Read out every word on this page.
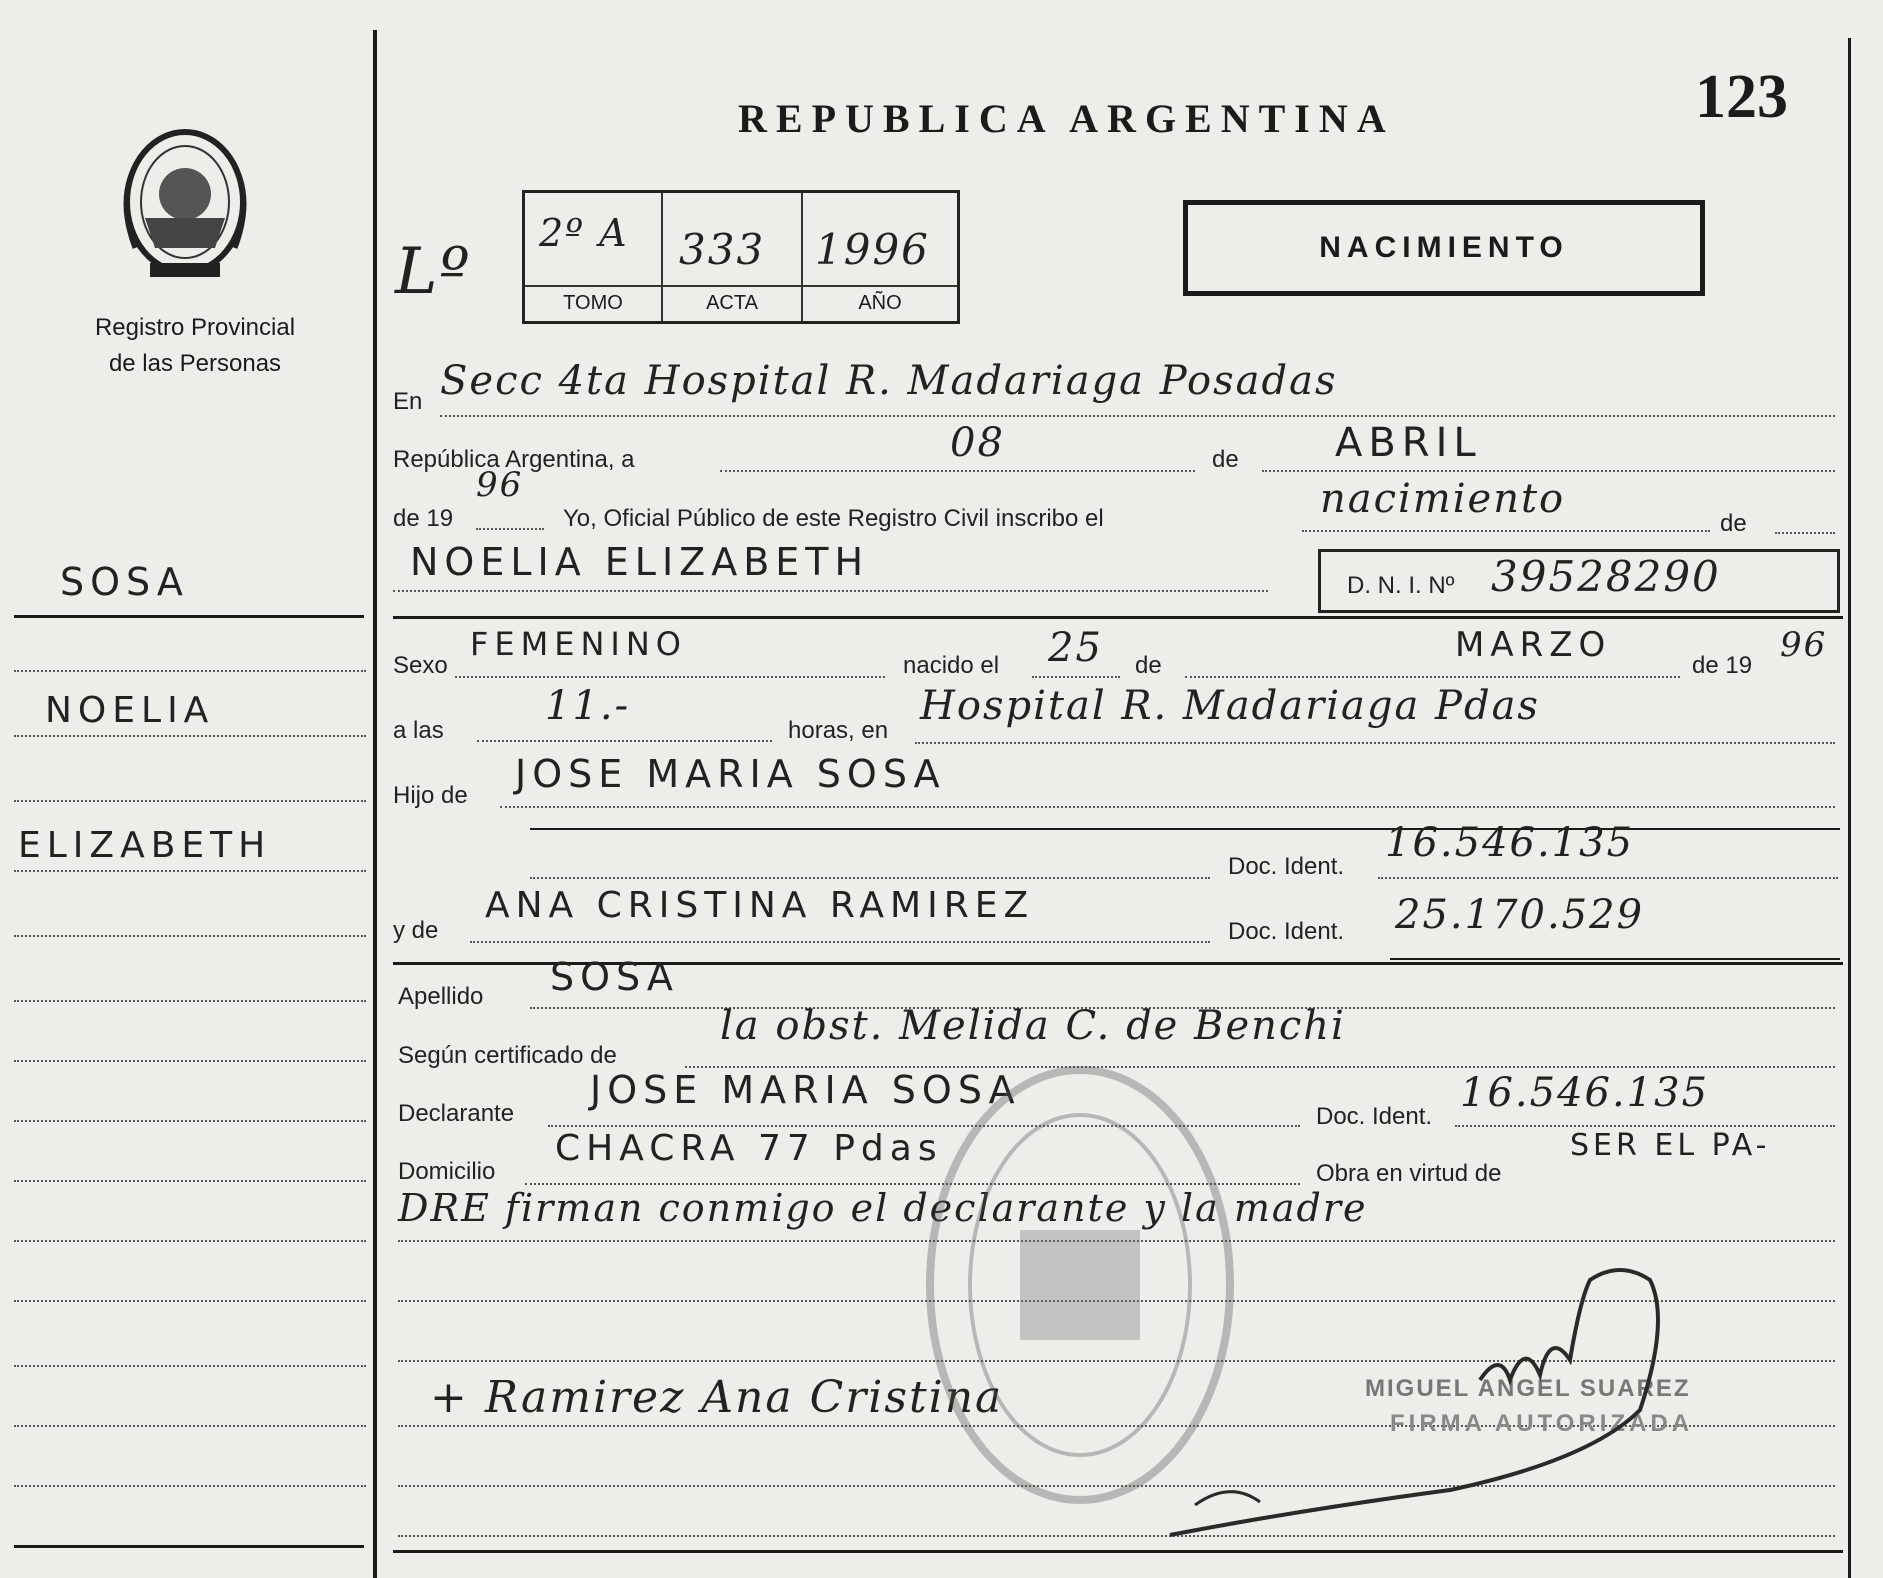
Registro Provincial
de las Personas
SOSA
NOELIA
ELIZABETH
REPUBLICA ARGENTINA	123
Lº
2º A
TOMO
333
ACTA
1996
AÑO
NACIMIENTO
En Secc 4ta Hospital R. Madariaga Posadas
República Argentina, a	08	de ABRIL
de 19
96
Yo, Oficial Público de este Registro Civil inscribo el	nacimiento
de
NOELIA ELIZABETH
D. N. I. Nº 39528290
Sexo
FEMENINO
nacido el 25 de
MARZO
de 19
96
a las
11.-
horas, en
Hospital R. Madariaga Pdas
Hijo de JOSE MARIA SOSA
Doc. Ident.
16.546.135
y de
ANA CRISTINA RAMIREZ
Doc. Ident. 25.170.529
Apellido SOSA
Según certificado de
la obst. Melida C. de Benchi
Declarante
JOSE MARIA SOSA
Doc. Ident.
16.546.135
Domicilio
CHACRA 77 Pdas
Obra en virtud de
SER EL PA-
DRE firman conmigo el declarante y la madre
+ Ramirez Ana Cristina	MIGUEL ANGEL SUAREZ
FIRMA AUTORIZADA
